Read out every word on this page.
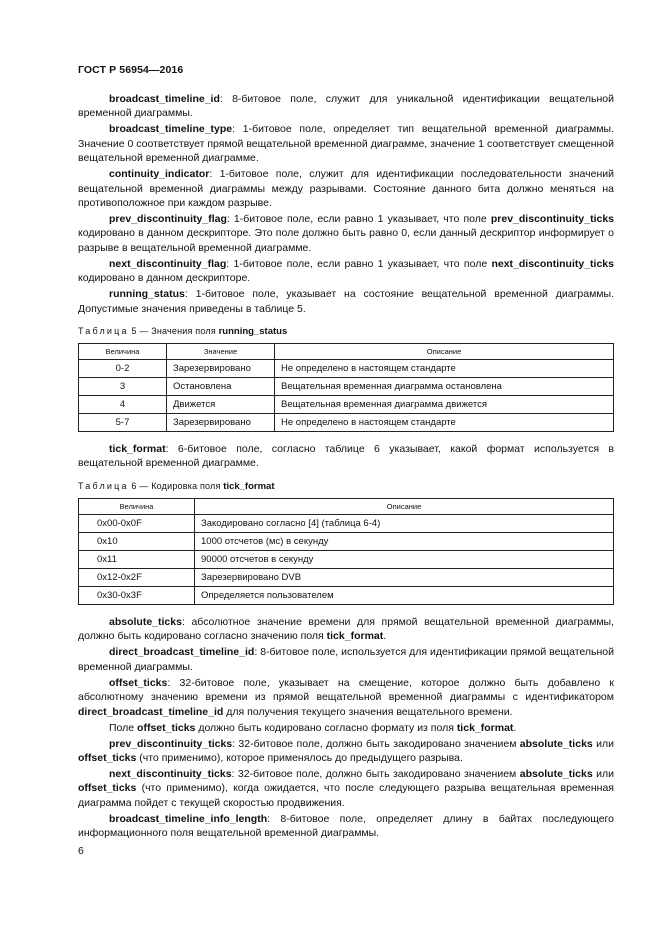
ГОСТ Р 56954—2016

broadcast_timeline_id: 8-битовое поле, служит для уникальной идентификации вещательной временной диаграммы.

broadcast_timeline_type: 1-битовое поле, определяет тип вещательной временной диаграммы. Значение 0 соответствует прямой вещательной временной диаграмме, значение 1 соответствует смещенной вещательной временной диаграмме.

continuity_indicator: 1-битовое поле, служит для идентификации последовательности значений вещательной временной диаграммы между разрывами. Состояние данного бита должно меняться на противоположное при каждом разрыве.

prev_discontinuity_flag: 1-битовое поле, если равно 1 указывает, что поле prev_discontinuity_ticks кодировано в данном дескрипторе. Это поле должно быть равно 0, если данный дескриптор информирует о разрыве в вещательной временной диаграмме.

next_discontinuity_flag: 1-битовое поле, если равно 1 указывает, что поле next_discontinuity_ticks кодировано в данном дескрипторе.

running_status: 1-битовое поле, указывает на состояние вещательной временной диаграммы. Допустимые значения приведены в таблице 5.

Таблица 5 — Значения поля running_status
Величина	Значение	Описание
0-2	Зарезервировано	Не определено в настоящем стандарте
3	Остановлена	Вещательная временная диаграмма остановлена
4	Движется	Вещательная временная диаграмма движется
5-7	Зарезервировано	Не определено в настоящем стандарте

tick_format: 6-битовое поле, согласно таблице 6 указывает, какой формат используется в вещательной временной диаграмме.

Таблица 6 — Кодировка поля tick_format
Величина	Описание
0x00-0x0F	Закодировано согласно [4] (таблица 6-4)
0x10	1000 отсчетов (мс) в секунду
0x11	90000 отсчетов в секунду
0x12-0x2F	Зарезервировано DVB
0x30-0x3F	Определяется пользователем

absolute_ticks: абсолютное значение времени для прямой вещательной временной диаграммы, должно быть кодировано согласно значению поля tick_format.

direct_broadcast_timeline_id: 8-битовое поле, используется для идентификации прямой вещательной временной диаграммы.

offset_ticks: 32-битовое поле, указывает на смещение, которое должно быть добавлено к абсолютному значению времени из прямой вещательной временной диаграммы с идентификатором direct_broadcast_timeline_id для получения текущего значения вещательного времени.

Поле offset_ticks должно быть кодировано согласно формату из поля tick_format.

prev_discontinuity_ticks: 32-битовое поле, должно быть закодировано значением absolute_ticks или offset_ticks (что применимо), которое применялось до предыдущего разрыва.

next_discontinuity_ticks: 32-битовое поле, должно быть закодировано значением absolute_ticks или offset_ticks (что применимо), когда ожидается, что после следующего разрыва вещательная временная диаграмма пойдет с текущей скоростью продвижения.

broadcast_timeline_info_length: 8-битовое поле, определяет длину в байтах последующего информационного поля вещательной временной диаграммы.

6
